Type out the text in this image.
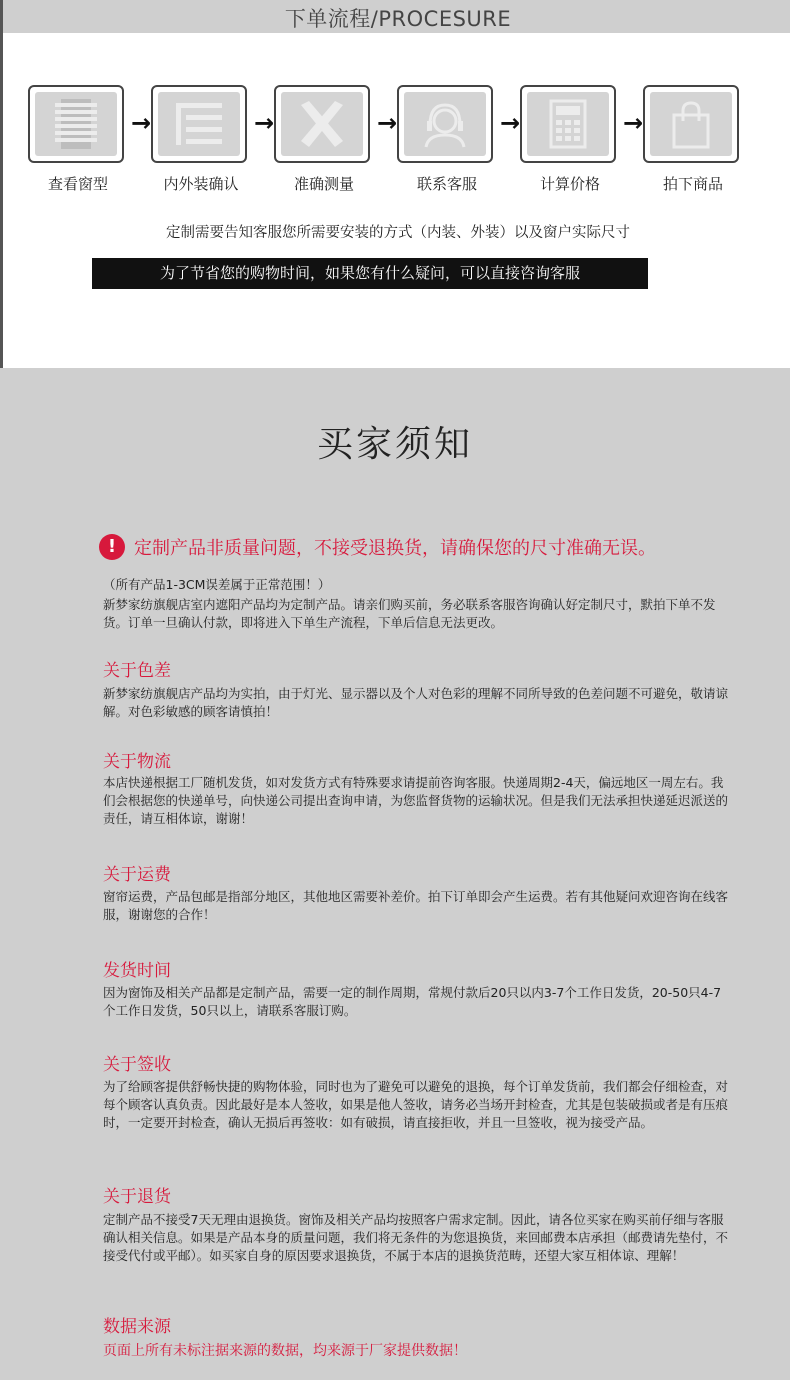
下单流程/PROCESURE
查看窗型
→
内外装确认
→
准确测量
→
联系客服
→
计算价格
→
拍下商品
定制需要告知客服您所需要安装的方式（内装、外装）以及窗户实际尺寸
为了节省您的购物时间，如果您有什么疑问，可以直接咨询客服
买家须知
! 定制产品非质量问题，不接受退换货，请确保您的尺寸准确无误。
（所有产品1-3CM误差属于正常范围！）
新梦家纺旗舰店室内遮阳产品均为定制产品。请亲们购买前，务必联系客服咨询确认好定制尺寸，默拍下单不发货。订单一旦确认付款，即将进入下单生产流程，下单后信息无法更改。
关于色差
新梦家纺旗舰店产品均为实拍，由于灯光、显示器以及个人对色彩的理解不同所导致的色差问题不可避免，敬请谅解。对色彩敏感的顾客请慎拍！
关于物流
本店快递根据工厂随机发货，如对发货方式有特殊要求请提前咨询客服。快递周期2-4天，偏远地区一周左右。我们会根据您的快递单号，向快递公司提出查询申请，为您监督货物的运输状况。但是我们无法承担快递延迟派送的责任，请互相体谅，谢谢！
关于运费
窗帘运费，产品包邮是指部分地区，其他地区需要补差价。拍下订单即会产生运费。若有其他疑问欢迎咨询在线客服，谢谢您的合作！
发货时间
因为窗饰及相关产品都是定制产品，需要一定的制作周期，常规付款后20只以内3-7个工作日发货，20-50只4-7个工作日发货，50只以上，请联系客服订购。
关于签收
为了给顾客提供舒畅快捷的购物体验，同时也为了避免可以避免的退换，每个订单发货前，我们都会仔细检查，对每个顾客认真负责。因此最好是本人签收，如果是他人签收，请务必当场开封检查，尤其是包装破损或者是有压痕时，一定要开封检查，确认无损后再签收：如有破损，请直接拒收，并且一旦签收，视为接受产品。
关于退货
定制产品不接受7天无理由退换货。窗饰及相关产品均按照客户需求定制。因此，请各位买家在购买前仔细与客服确认相关信息。如果是产品本身的质量问题，我们将无条件的为您退换货，来回邮费本店承担（邮费请先垫付，不接受代付或平邮）。如买家自身的原因要求退换货，不属于本店的退换货范畴，还望大家互相体谅、理解！
数据来源
页面上所有未标注据来源的数据，均来源于厂家提供数据！
